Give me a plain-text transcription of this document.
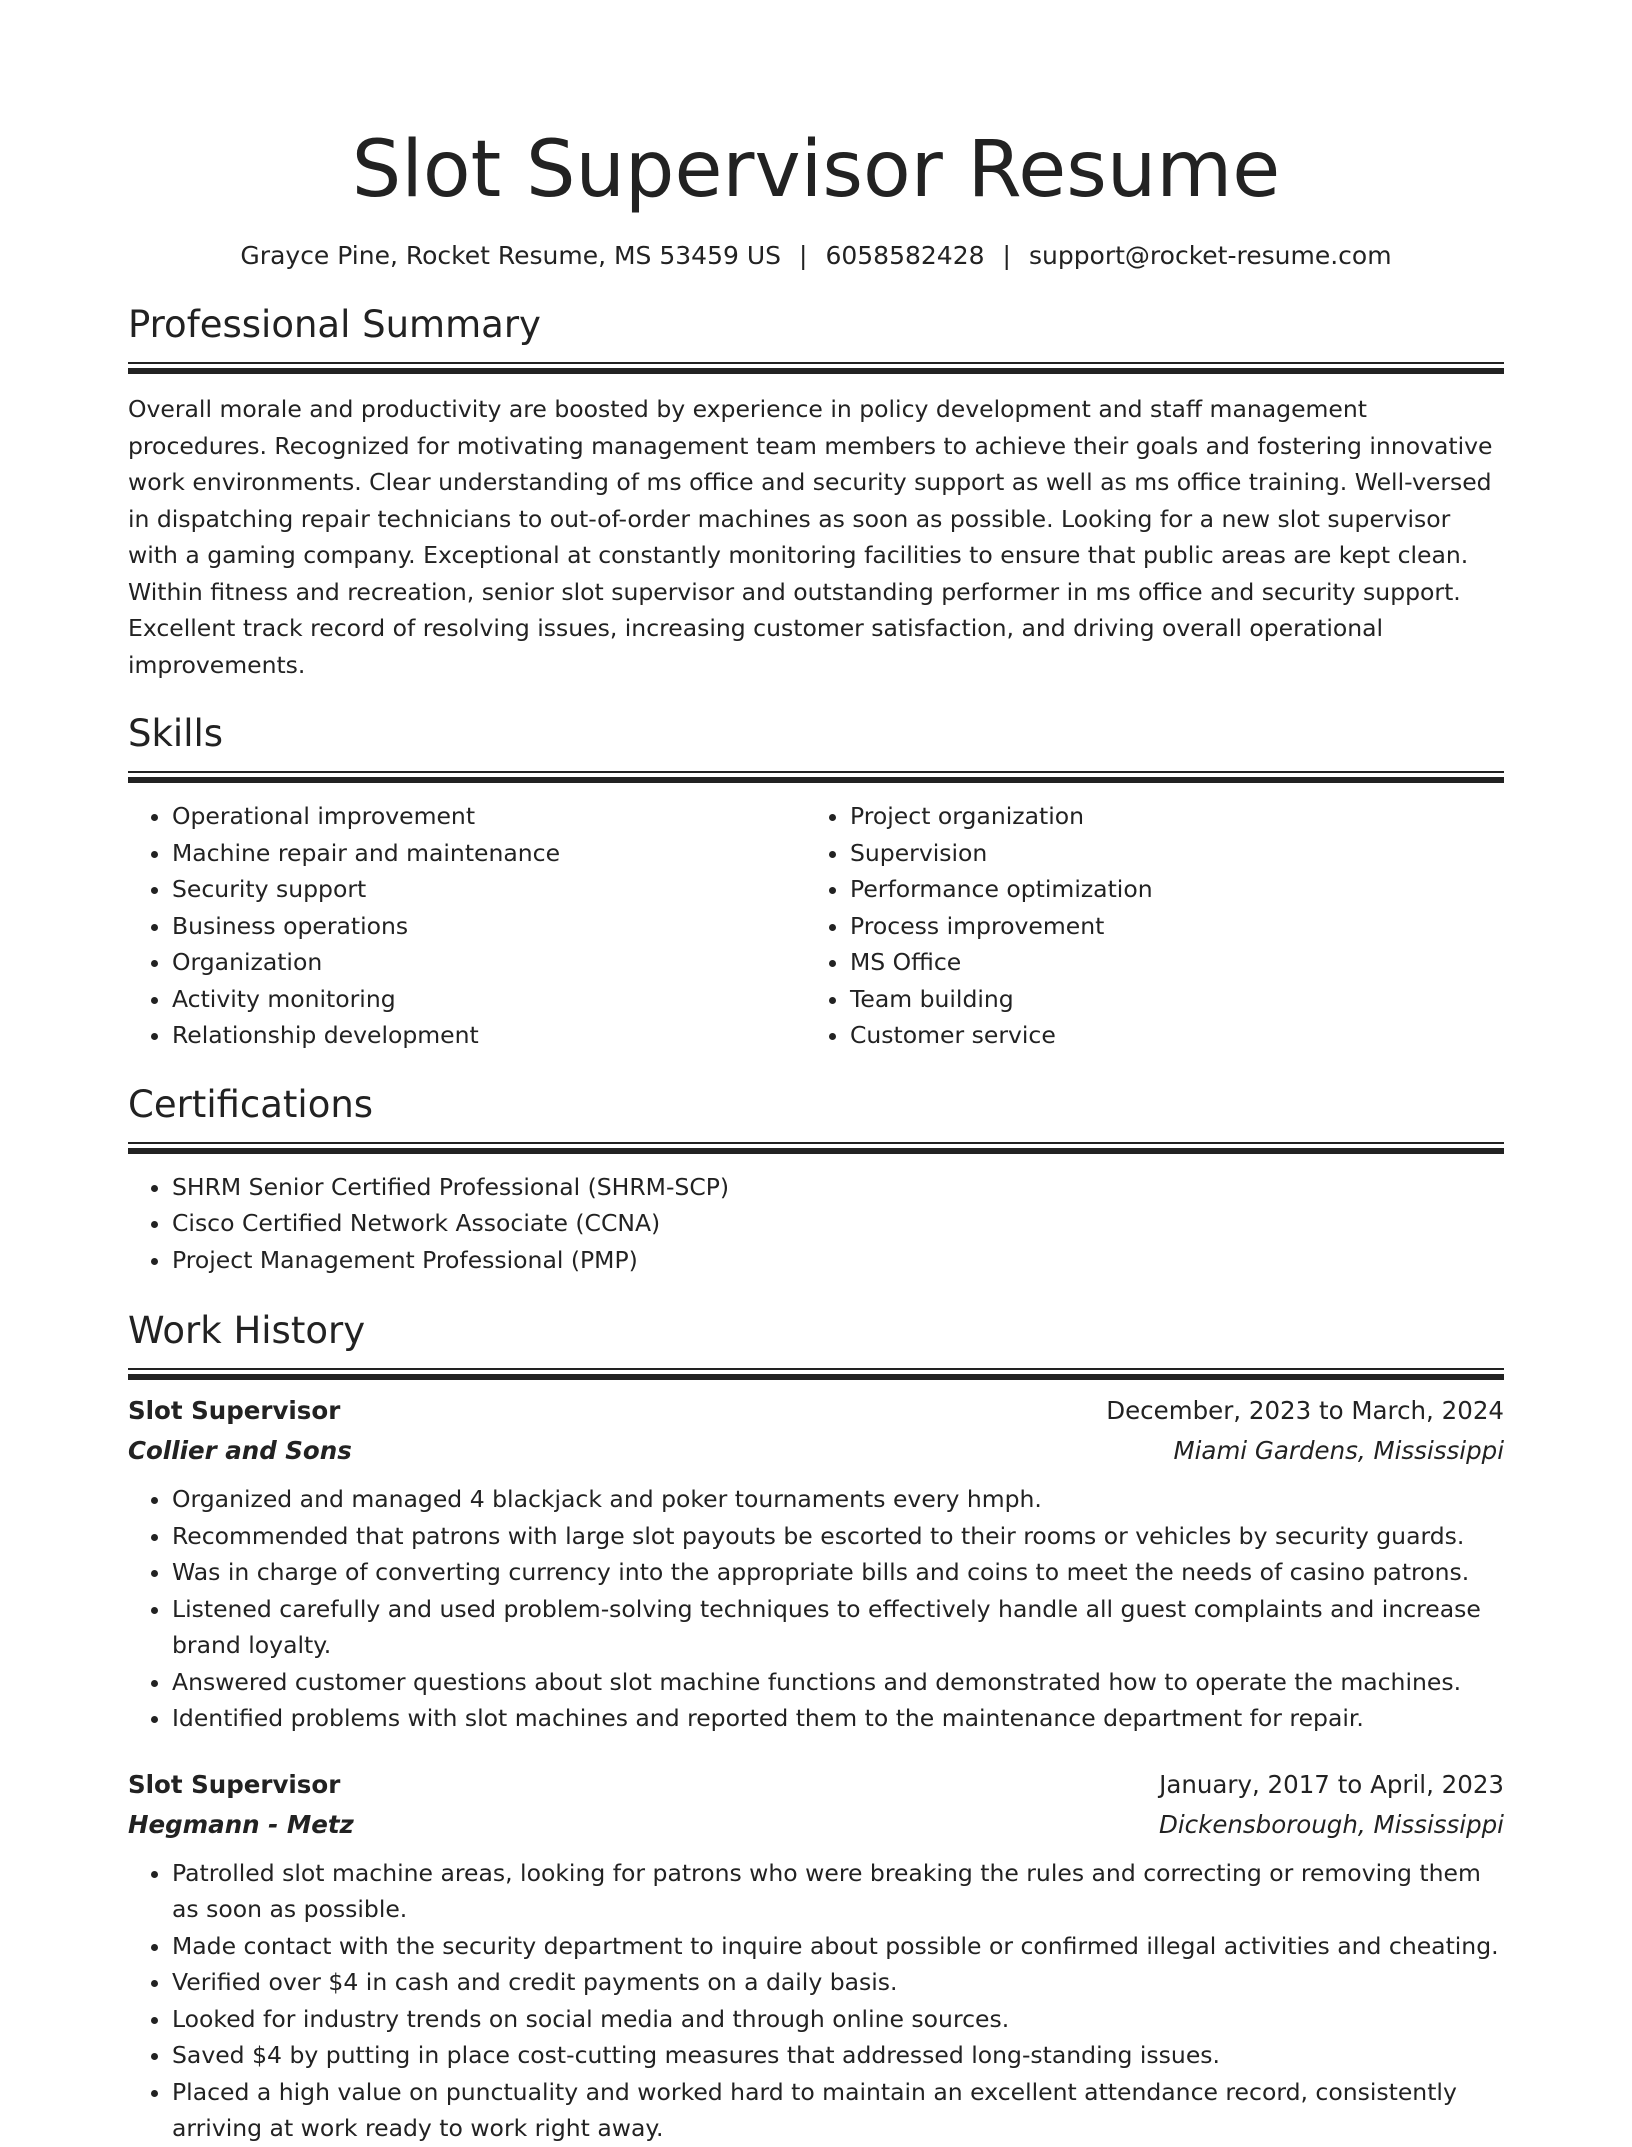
Slot Supervisor Resume
Grayce Pine, Rocket Resume, MS 53459 US | 6058582428 | support@rocket-resume.com
Professional Summary

Overall morale and productivity are boosted by experience in policy development and staff management procedures. Recognized for motivating management team members to achieve their goals and fostering innovative work environments. Clear understanding of ms office and security support as well as ms office training. Well-versed in dispatching repair technicians to out-of-order machines as soon as possible. Looking for a new slot supervisor with a gaming company. Exceptional at constantly monitoring facilities to ensure that public areas are kept clean. Within fitness and recreation, senior slot supervisor and outstanding performer in ms office and security support. Excellent track record of resolving issues, increasing customer satisfaction, and driving overall operational improvements.

Skills
• Operational improvement
• Machine repair and maintenance
• Security support
• Business operations
• Organization
• Activity monitoring
• Relationship development
• Project organization
• Supervision
• Performance optimization
• Process improvement
• MS Office
• Team building
• Customer service
Certifications
• SHRM Senior Certified Professional (SHRM-SCP)
• Cisco Certified Network Associate (CCNA)
• Project Management Professional (PMP)
Work History
Slot Supervisor	December, 2023 to March, 2024
Collier and Sons	Miami Gardens, Mississippi
• Organized and managed 4 blackjack and poker tournaments every hmph.
• Recommended that patrons with large slot payouts be escorted to their rooms or vehicles by security guards.
• Was in charge of converting currency into the appropriate bills and coins to meet the needs of casino patrons.
• Listened carefully and used problem-solving techniques to effectively handle all guest complaints and increase brand loyalty.
• Answered customer questions about slot machine functions and demonstrated how to operate the machines.
• Identified problems with slot machines and reported them to the maintenance department for repair.
Slot Supervisor	January, 2017 to April, 2023
Hegmann - Metz	Dickensborough, Mississippi
• Patrolled slot machine areas, looking for patrons who were breaking the rules and correcting or removing them as soon as possible.
• Made contact with the security department to inquire about possible or confirmed illegal activities and cheating.
• Verified over $4 in cash and credit payments on a daily basis.
• Looked for industry trends on social media and through online sources.
• Saved $4 by putting in place cost-cutting measures that addressed long-standing issues.
• Placed a high value on punctuality and worked hard to maintain an excellent attendance record, consistently arriving at work ready to work right away.
